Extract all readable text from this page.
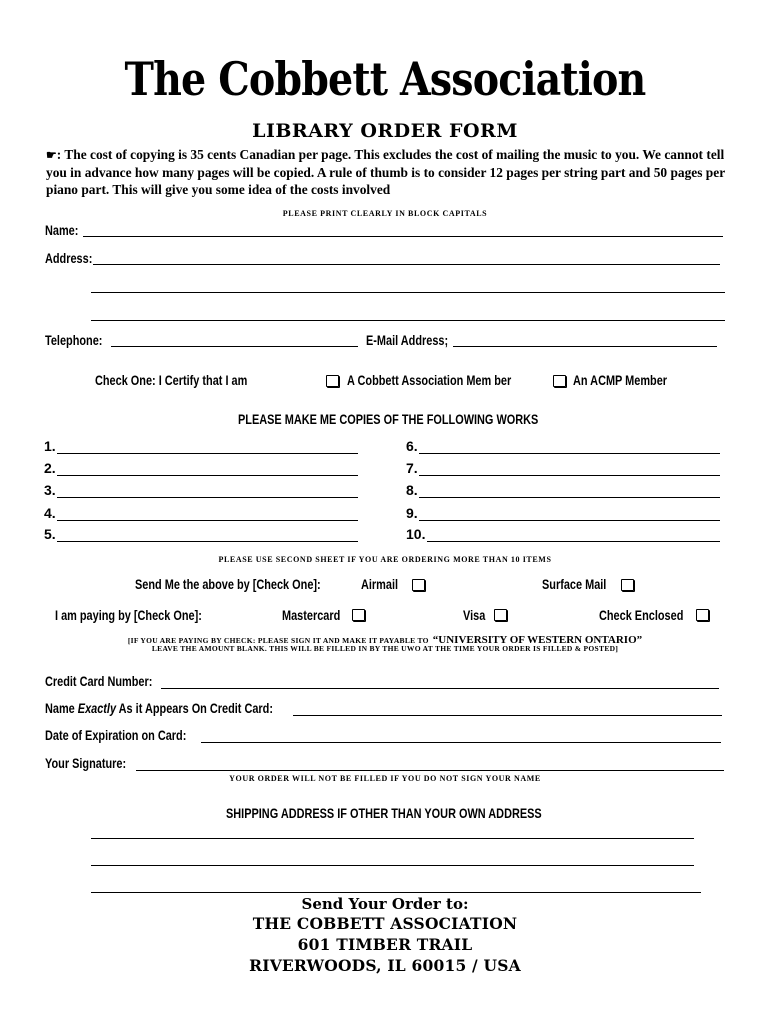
The Cobbett Association
LIBRARY ORDER FORM
☛: The cost of copying is 35 cents Canadian per page. This excludes the cost of mailing the music to you. We cannot tell you in advance how many pages will be copied. A rule of thumb is to consider 12 pages per string part and 50 pages per piano part. This will give you some idea of the costs involved
PLEASE PRINT CLEARLY IN BLOCK CAPITALS
Name:
Address:
Telephone:	E-Mail Address;
Check One: I Certify that I am	A Cobbett Association Mem ber	An ACMP Member
PLEASE MAKE ME COPIES OF THE FOLLOWING WORKS
1.
2.
3.
4.
5.
6.
7.
8.
9.
10.
PLEASE USE SECOND SHEET IF YOU ARE ORDERING MORE THAN 10 ITEMS
Send Me the above by [Check One]:	Airmail	Surface Mail
I am paying by [Check One]:	Mastercard	Visa	Check Enclosed
[IF YOU ARE PAYING BY CHECK: PLEASE SIGN IT AND MAKE IT PAYABLE TO “UNIVERSITY OF WESTERN ONTARIO”
LEAVE THE AMOUNT BLANK. THIS WILL BE FILLED IN BY THE UWO AT THE TIME YOUR ORDER IS FILLED & POSTED]
Credit Card Number:
Name Exactly As it Appears On Credit Card:
Date of Expiration on Card:
Your Signature:
YOUR ORDER WILL NOT BE FILLED IF YOU DO NOT SIGN YOUR NAME
SHIPPING ADDRESS IF OTHER THAN YOUR OWN ADDRESS
Send Your Order to:
THE COBBETT ASSOCIATION
601 TIMBER TRAIL
RIVERWOODS, IL 60015 / USA
